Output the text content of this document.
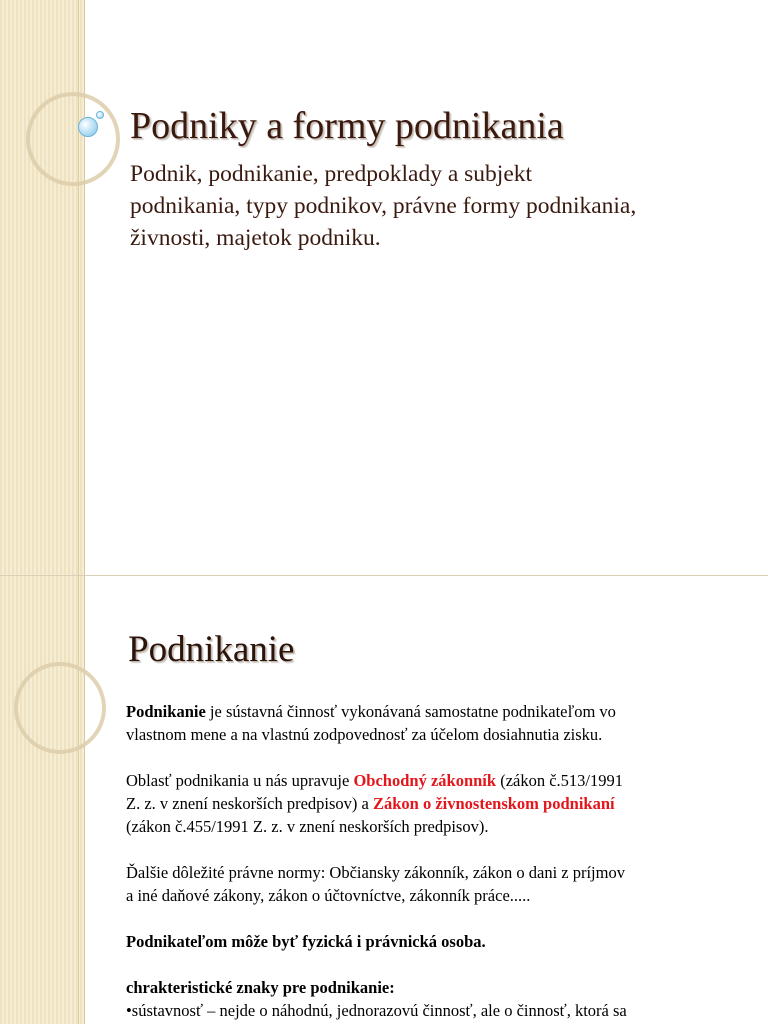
Podniky a formy podnikania
Podnik, podnikanie, predpoklady a subjekt
podnikania, typy podnikov, právne formy podnikania,
živnosti, majetok podniku.
Podnikanie

Podnikanie je sústavná činnosť vykonávaná samostatne podnikateľom vo
vlastnom mene a na vlastnú zodpovednosť za účelom dosiahnutia zisku.

Oblasť podnikania u nás upravuje Obchodný zákonník (zákon č.513/1991
Z. z. v znení neskorších predpisov) a Zákon o živnostenskom podnikaní
(zákon č.455/1991 Z. z. v znení neskorších predpisov).

Ďalšie dôležité právne normy: Občiansky zákonník, zákon o dani z príjmov
a iné daňové zákony, zákon o účtovníctve, zákonník práce.....

Podnikateľom môže byť fyzická i právnická osoba.

chrakteristické znaky pre podnikanie:
•sústavnosť – nejde o náhodnú, jednorazovú činnosť, ale o činnosť, ktorá sa
